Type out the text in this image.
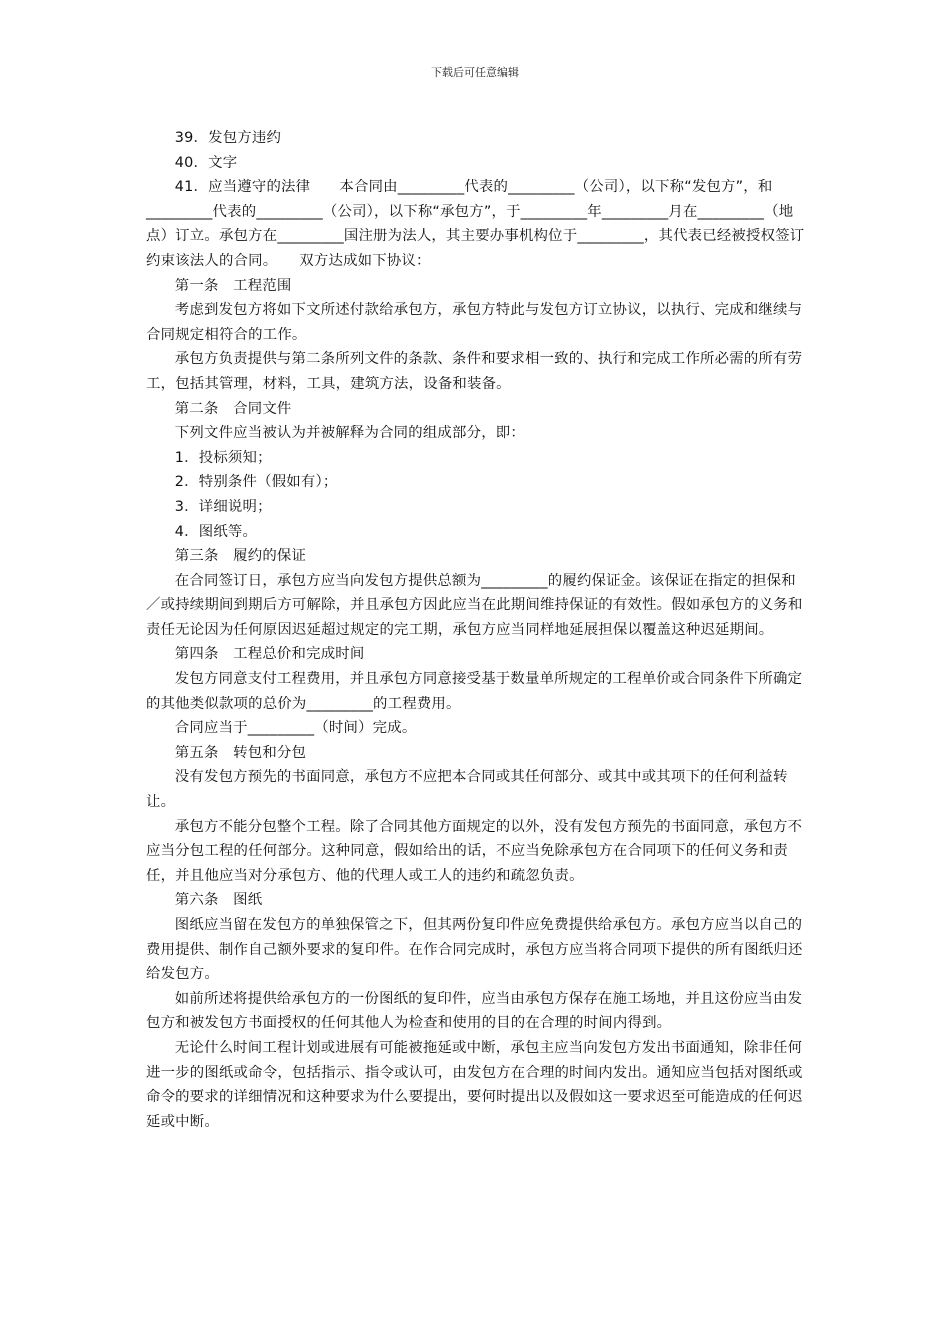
下载后可任意编辑

39．发包方违约

40．文字

41．应当遵守的法律　　本合同由_________代表的_________（公司），以下称“发包方”，和_________代表的_________（公司），以下称“承包方”，于_________年_________月在_________（地点）订立。承包方在_________国注册为法人，其主要办事机构位于_________，其代表已经被授权签订约束该法人的合同。　　双方达成如下协议：

第一条　工程范围

考虑到发包方将如下文所述付款给承包方，承包方特此与发包方订立协议，以执行、完成和继续与合同规定相符合的工作。

承包方负责提供与第二条所列文件的条款、条件和要求相一致的、执行和完成工作所必需的所有劳工，包括其管理，材料，工具，建筑方法，设备和装备。

第二条　合同文件

下列文件应当被认为并被解释为合同的组成部分，即：

1．投标须知；

2．特别条件（假如有）；

3．详细说明；

4．图纸等。

第三条　履约的保证

在合同签订日，承包方应当向发包方提供总额为_________的履约保证金。该保证在指定的担保和／或持续期间到期后方可解除，并且承包方因此应当在此期间维持保证的有效性。假如承包方的义务和责任无论因为任何原因迟延超过规定的完工期，承包方应当同样地延展担保以覆盖这种迟延期间。

第四条　工程总价和完成时间

发包方同意支付工程费用，并且承包方同意接受基于数量单所规定的工程单价或合同条件下所确定的其他类似款项的总价为_________的工程费用。

合同应当于_________（时间）完成。

第五条　转包和分包

没有发包方预先的书面同意，承包方不应把本合同或其任何部分、或其中或其项下的任何利益转让。

承包方不能分包整个工程。除了合同其他方面规定的以外，没有发包方预先的书面同意，承包方不应当分包工程的任何部分。这种同意，假如给出的话，不应当免除承包方在合同项下的任何义务和责任，并且他应当对分承包方、他的代理人或工人的违约和疏忽负责。

第六条　图纸

图纸应当留在发包方的单独保管之下，但其两份复印件应免费提供给承包方。承包方应当以自己的费用提供、制作自己额外要求的复印件。在作合同完成时，承包方应当将合同项下提供的所有图纸归还给发包方。

如前所述将提供给承包方的一份图纸的复印件，应当由承包方保存在施工场地，并且这份应当由发包方和被发包方书面授权的任何其他人为检查和使用的目的在合理的时间内得到。

无论什么时间工程计划或进展有可能被拖延或中断，承包主应当向发包方发出书面通知，除非任何进一步的图纸或命令，包括指示、指令或认可，由发包方在合理的时间内发出。通知应当包括对图纸或命令的要求的详细情况和这种要求为什么要提出，要何时提出以及假如这一要求迟至可能造成的任何迟延或中断。
